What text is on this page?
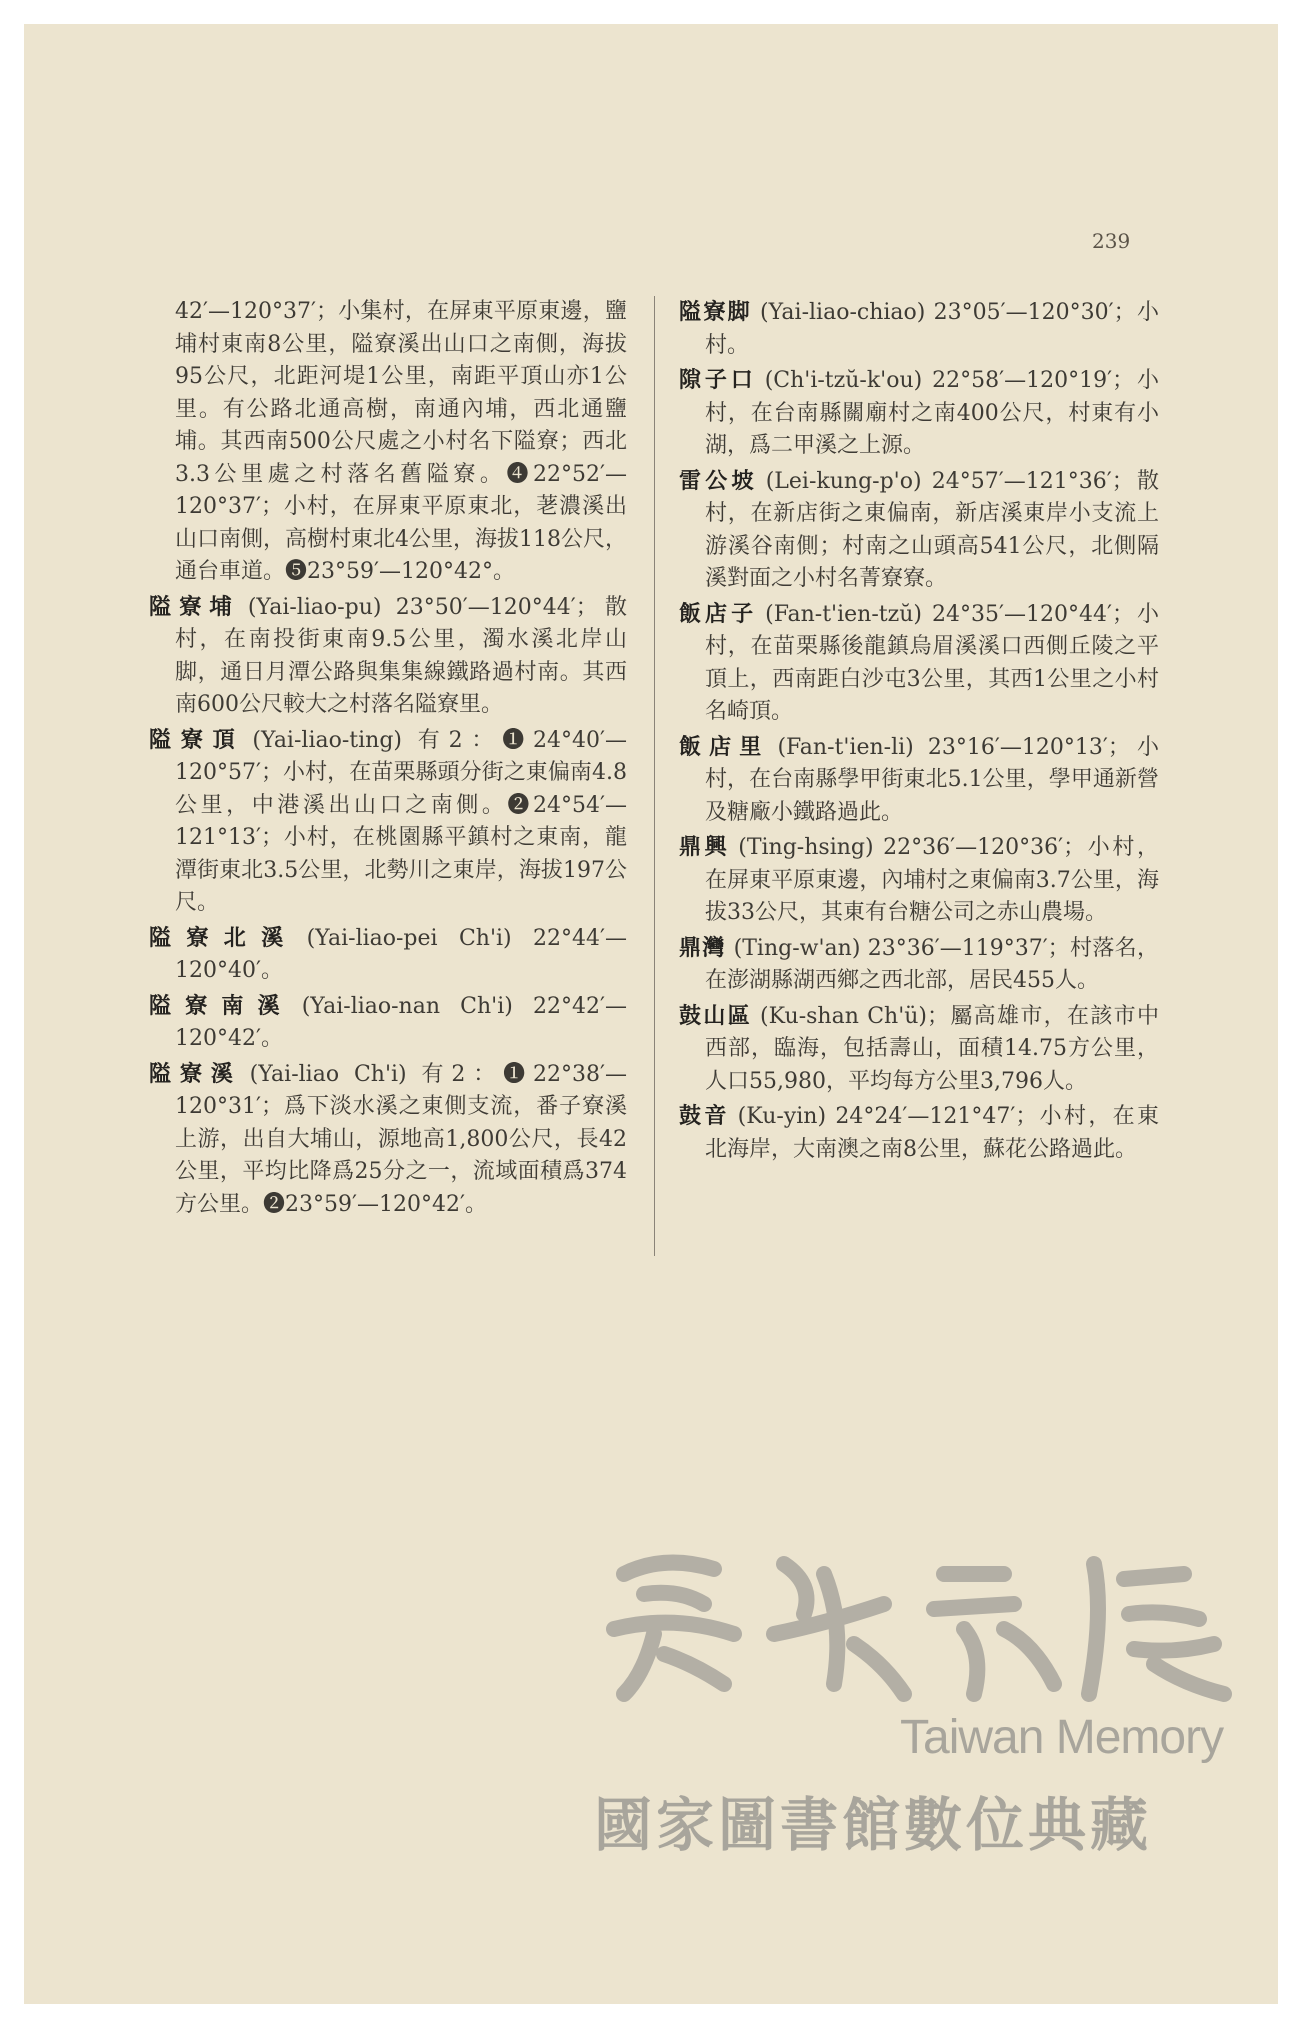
239

42′—120°37′；小集村，在屏東平原東邊，鹽埔村東南8公里，隘寮溪出山口之南側，海拔95公尺，北距河堤1公里，南距平頂山亦1公里。有公路北通高樹，南通內埔，西北通鹽埔。其西南500公尺處之小村名下隘寮；西北3.3公里處之村落名舊隘寮。❹22°52′—120°37′；小村，在屏東平原東北，荖濃溪出山口南側，高樹村東北4公里，海拔118公尺，通台車道。❺23°59′—120°42°。

隘寮埔 (Yai-liao-pu) 23°50′—120°44′；散村，在南投街東南9.5公里，濁水溪北岸山脚，通日月潭公路與集集線鐵路過村南。其西南600公尺較大之村落名隘寮里。

隘寮頂 (Yai-liao-ting) 有2：❶24°40′—120°57′；小村，在苗栗縣頭分街之東偏南4.8公里，中港溪出山口之南側。❷24°54′—121°13′；小村，在桃園縣平鎮村之東南，龍潭街東北3.5公里，北勢川之東岸，海拔197公尺。

隘寮北溪 (Yai-liao-pei Ch'i) 22°44′—120°40′。

隘寮南溪 (Yai-liao-nan Ch'i) 22°42′—120°42′。

隘寮溪 (Yai-liao Ch'i) 有2：❶22°38′—120°31′；爲下淡水溪之東側支流，番子寮溪上游，出自大埔山，源地高1,800公尺，長42公里，平均比降爲25分之一，流域面積爲374方公里。❷23°59′—120°42′。

隘寮脚 (Yai-liao-chiao) 23°05′—120°30′；小村。

隙子口 (Ch'i-tzŭ-k'ou) 22°58′—120°19′；小村，在台南縣關廟村之南400公尺，村東有小湖，爲二甲溪之上源。

雷公坡 (Lei-kung-p'o) 24°57′—121°36′；散村，在新店街之東偏南，新店溪東岸小支流上游溪谷南側；村南之山頭高541公尺，北側隔溪對面之小村名菁寮寮。

飯店子 (Fan-t'ien-tzŭ) 24°35′—120°44′；小村，在苗栗縣後龍鎮烏眉溪溪口西側丘陵之平頂上，西南距白沙屯3公里，其西1公里之小村名崎頂。

飯店里 (Fan-t'ien-li) 23°16′—120°13′；小村，在台南縣學甲街東北5.1公里，學甲通新營及糖廠小鐵路過此。

鼎興 (Ting-hsing) 22°36′—120°36′；小村，在屏東平原東邊，內埔村之東偏南3.7公里，海拔33公尺，其東有台糖公司之赤山農場。

鼎灣 (Ting-w'an) 23°36′—119°37′；村落名，在澎湖縣湖西鄉之西北部，居民455人。

鼓山區 (Ku-shan Ch'ü)；屬高雄市，在該市中西部，臨海，包括壽山，面積14.75方公里，人口55,980，平均每方公里3,796人。

鼓音 (Ku-yin) 24°24′—121°47′；小村，在東北海岸，大南澳之南8公里，蘇花公路過此。

Taiwan Memory
國家圖書館數位典藏
